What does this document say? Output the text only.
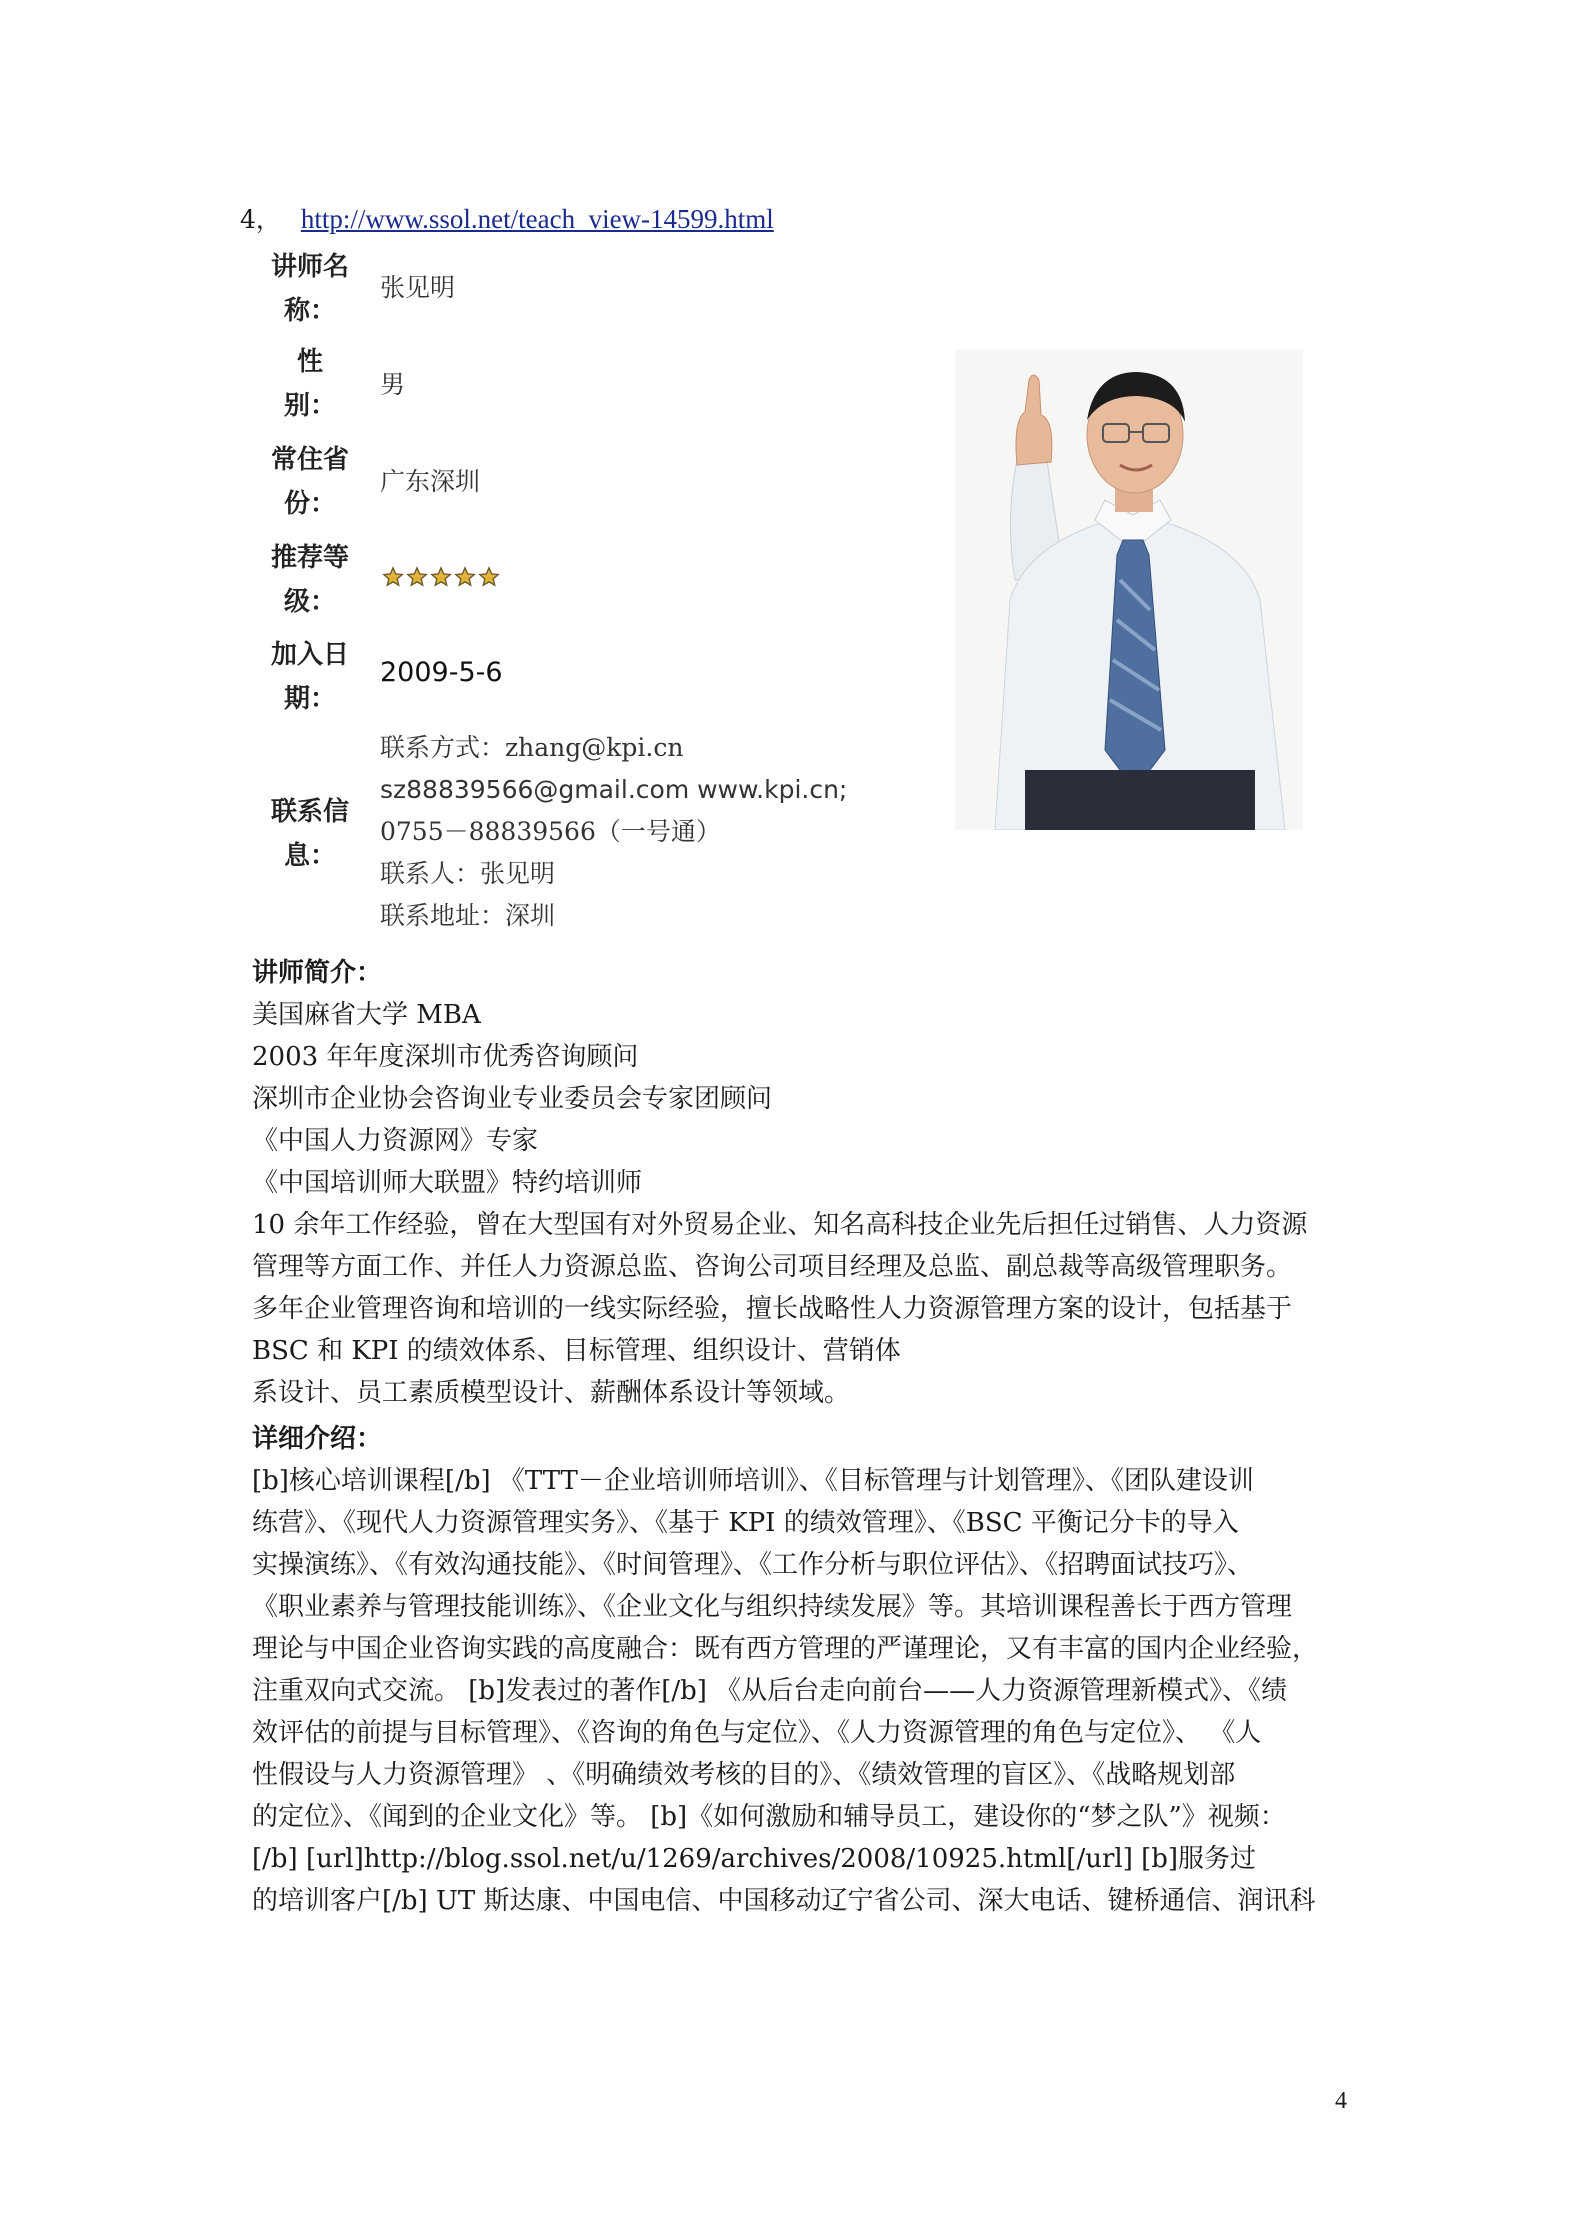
4， http://www.ssol.net/teach_view-14599.html
讲师名
称：
张见明
性
别：
男
常住省
份：
广东深圳
推荐等
级：
加入日
期：
2009-5-6
联系信
息：
联系方式：zhang@kpi.cn
sz88839566@gmail.com www.kpi.cn;
0755－88839566（一号通）
联系人：张见明
联系地址：深圳
讲师简介：
美国麻省大学 MBA
2003 年年度深圳市优秀咨询顾问
深圳市企业协会咨询业专业委员会专家团顾问
《中国人力资源网》专家
《中国培训师大联盟》特约培训师
10 余年工作经验，曾在大型国有对外贸易企业、知名高科技企业先后担任过销售、人力资源
管理等方面工作、并任人力资源总监、咨询公司项目经理及总监、副总裁等高级管理职务。
多年企业管理咨询和培训的一线实际经验，擅长战略性人力资源管理方案的设计，包括基于
BSC 和 KPI 的绩效体系、目标管理、组织设计、营销体
系设计、员工素质模型设计、薪酬体系设计等领域。
详细介绍：
[b]核心培训课程[/b] 《TTT－企业培训师培训》、《目标管理与计划管理》、《团队建设训
练营》、《现代人力资源管理实务》、《基于 KPI 的绩效管理》、《BSC 平衡记分卡的导入
实操演练》、《有效沟通技能》、《时间管理》、《工作分析与职位评估》、《招聘面试技巧》、
《职业素养与管理技能训练》、《企业文化与组织持续发展》等。其培训课程善长于西方管理
理论与中国企业咨询实践的高度融合：既有西方管理的严谨理论，又有丰富的国内企业经验，
注重双向式交流。 [b]发表过的著作[/b] 《从后台走向前台——人力资源管理新模式》、《绩
效评估的前提与目标管理》、《咨询的角色与定位》、《人力资源管理的角色与定位》、 《人
性假设与人力资源管理》 、《明确绩效考核的目的》、《绩效管理的盲区》、《战略规划部
的定位》、《闻到的企业文化》等。 [b]《如何激励和辅导员工，建设你的“梦之队”》视频：
[/b] [url]http://blog.ssol.net/u/1269/archives/2008/10925.html[/url] [b]服务过
的培训客户[/b] UT 斯达康、中国电信、中国移动辽宁省公司、深大电话、键桥通信、润讯科
4
